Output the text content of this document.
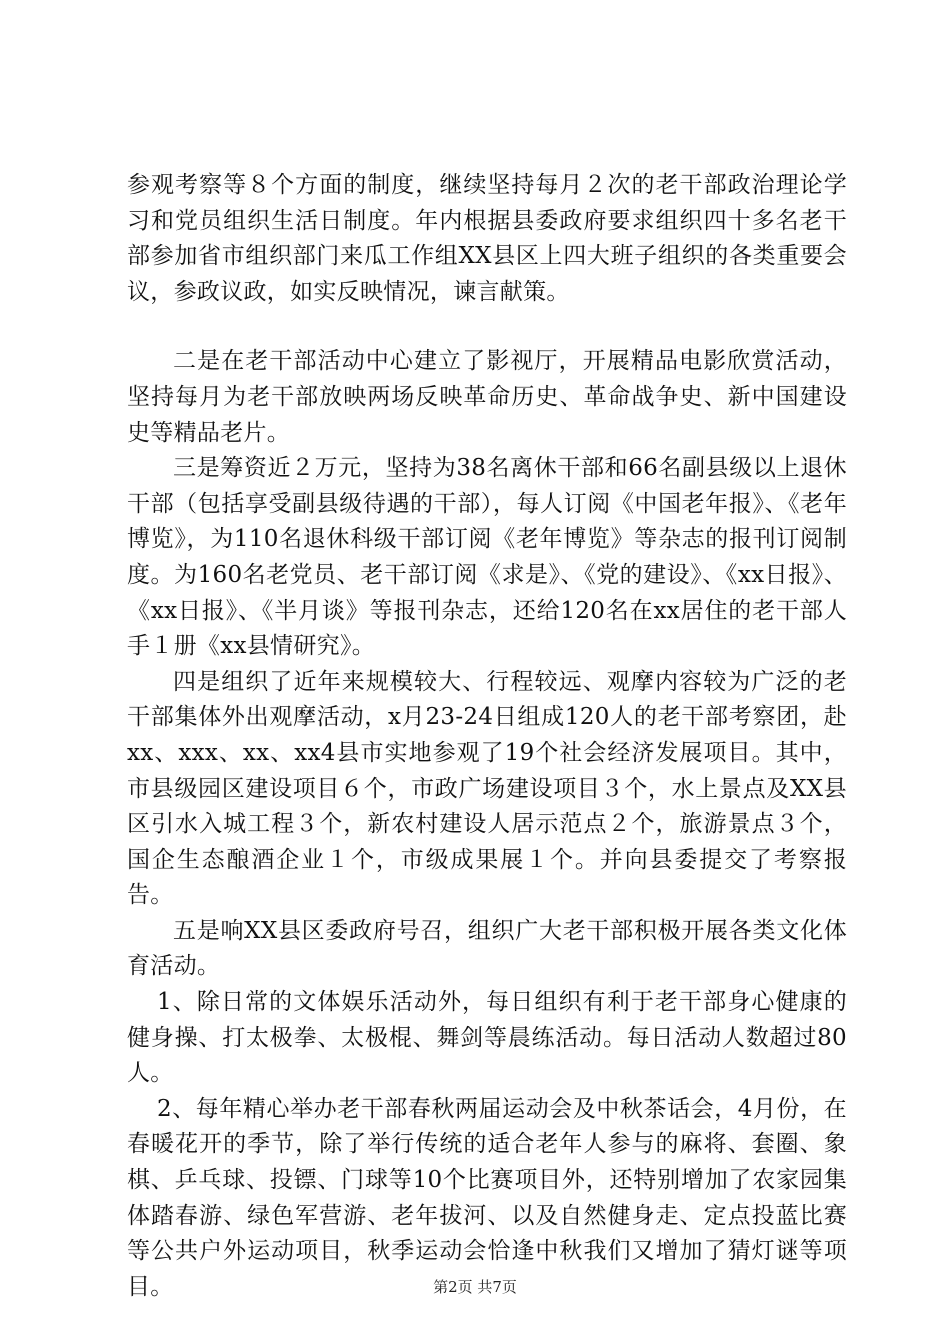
参观考察等８个方面的制度，继续坚持每月２次的老干部政治理论学习和党员组织生活日制度。年内根据县委政府要求组织四十多名老干部参加省市组织部门来瓜工作组XX县区上四大班子组织的各类重要会议，参政议政，如实反映情况，谏言献策。

二是在老干部活动中心建立了影视厅，开展精品电影欣赏活动，坚持每月为老干部放映两场反映革命历史、革命战争史、新中国建设史等精品老片。

三是筹资近２万元，坚持为38名离休干部和66名副县级以上退休干部（包括享受副县级待遇的干部），每人订阅《中国老年报》、《老年博览》，为110名退休科级干部订阅《老年博览》等杂志的报刊订阅制度。为160名老党员、老干部订阅《求是》、《党的建设》、《xx日报》、《xx日报》、《半月谈》等报刊杂志，还给120名在xx居住的老干部人手１册《xx县情研究》。

四是组织了近年来规模较大、行程较远、观摩内容较为广泛的老干部集体外出观摩活动，x月23-24日组成120人的老干部考察团，赴xx、xxx、xx、xx4县市实地参观了19个社会经济发展项目。其中，市县级园区建设项目６个，市政广场建设项目３个，水上景点及XX县区引水入城工程３个，新农村建设人居示范点２个，旅游景点３个，国企生态酿酒企业１个，市级成果展１个。并向县委提交了考察报告。

五是响XX县区委政府号召，组织广大老干部积极开展各类文化体育活动。

1、除日常的文体娱乐活动外，每日组织有利于老干部身心健康的健身操、打太极拳、太极棍、舞剑等晨练活动。每日活动人数超过80人。

2、每年精心举办老干部春秋两届运动会及中秋茶话会，4月份，在春暖花开的季节，除了举行传统的适合老年人参与的麻将、套圈、象棋、乒乓球、投镖、门球等10个比赛项目外，还特别增加了农家园集体踏春游、绿色军营游、老年拔河、以及自然健身走、定点投蓝比赛等公共户外运动项目，秋季运动会恰逢中秋我们又增加了猜灯谜等项目。	第2页 共7页
